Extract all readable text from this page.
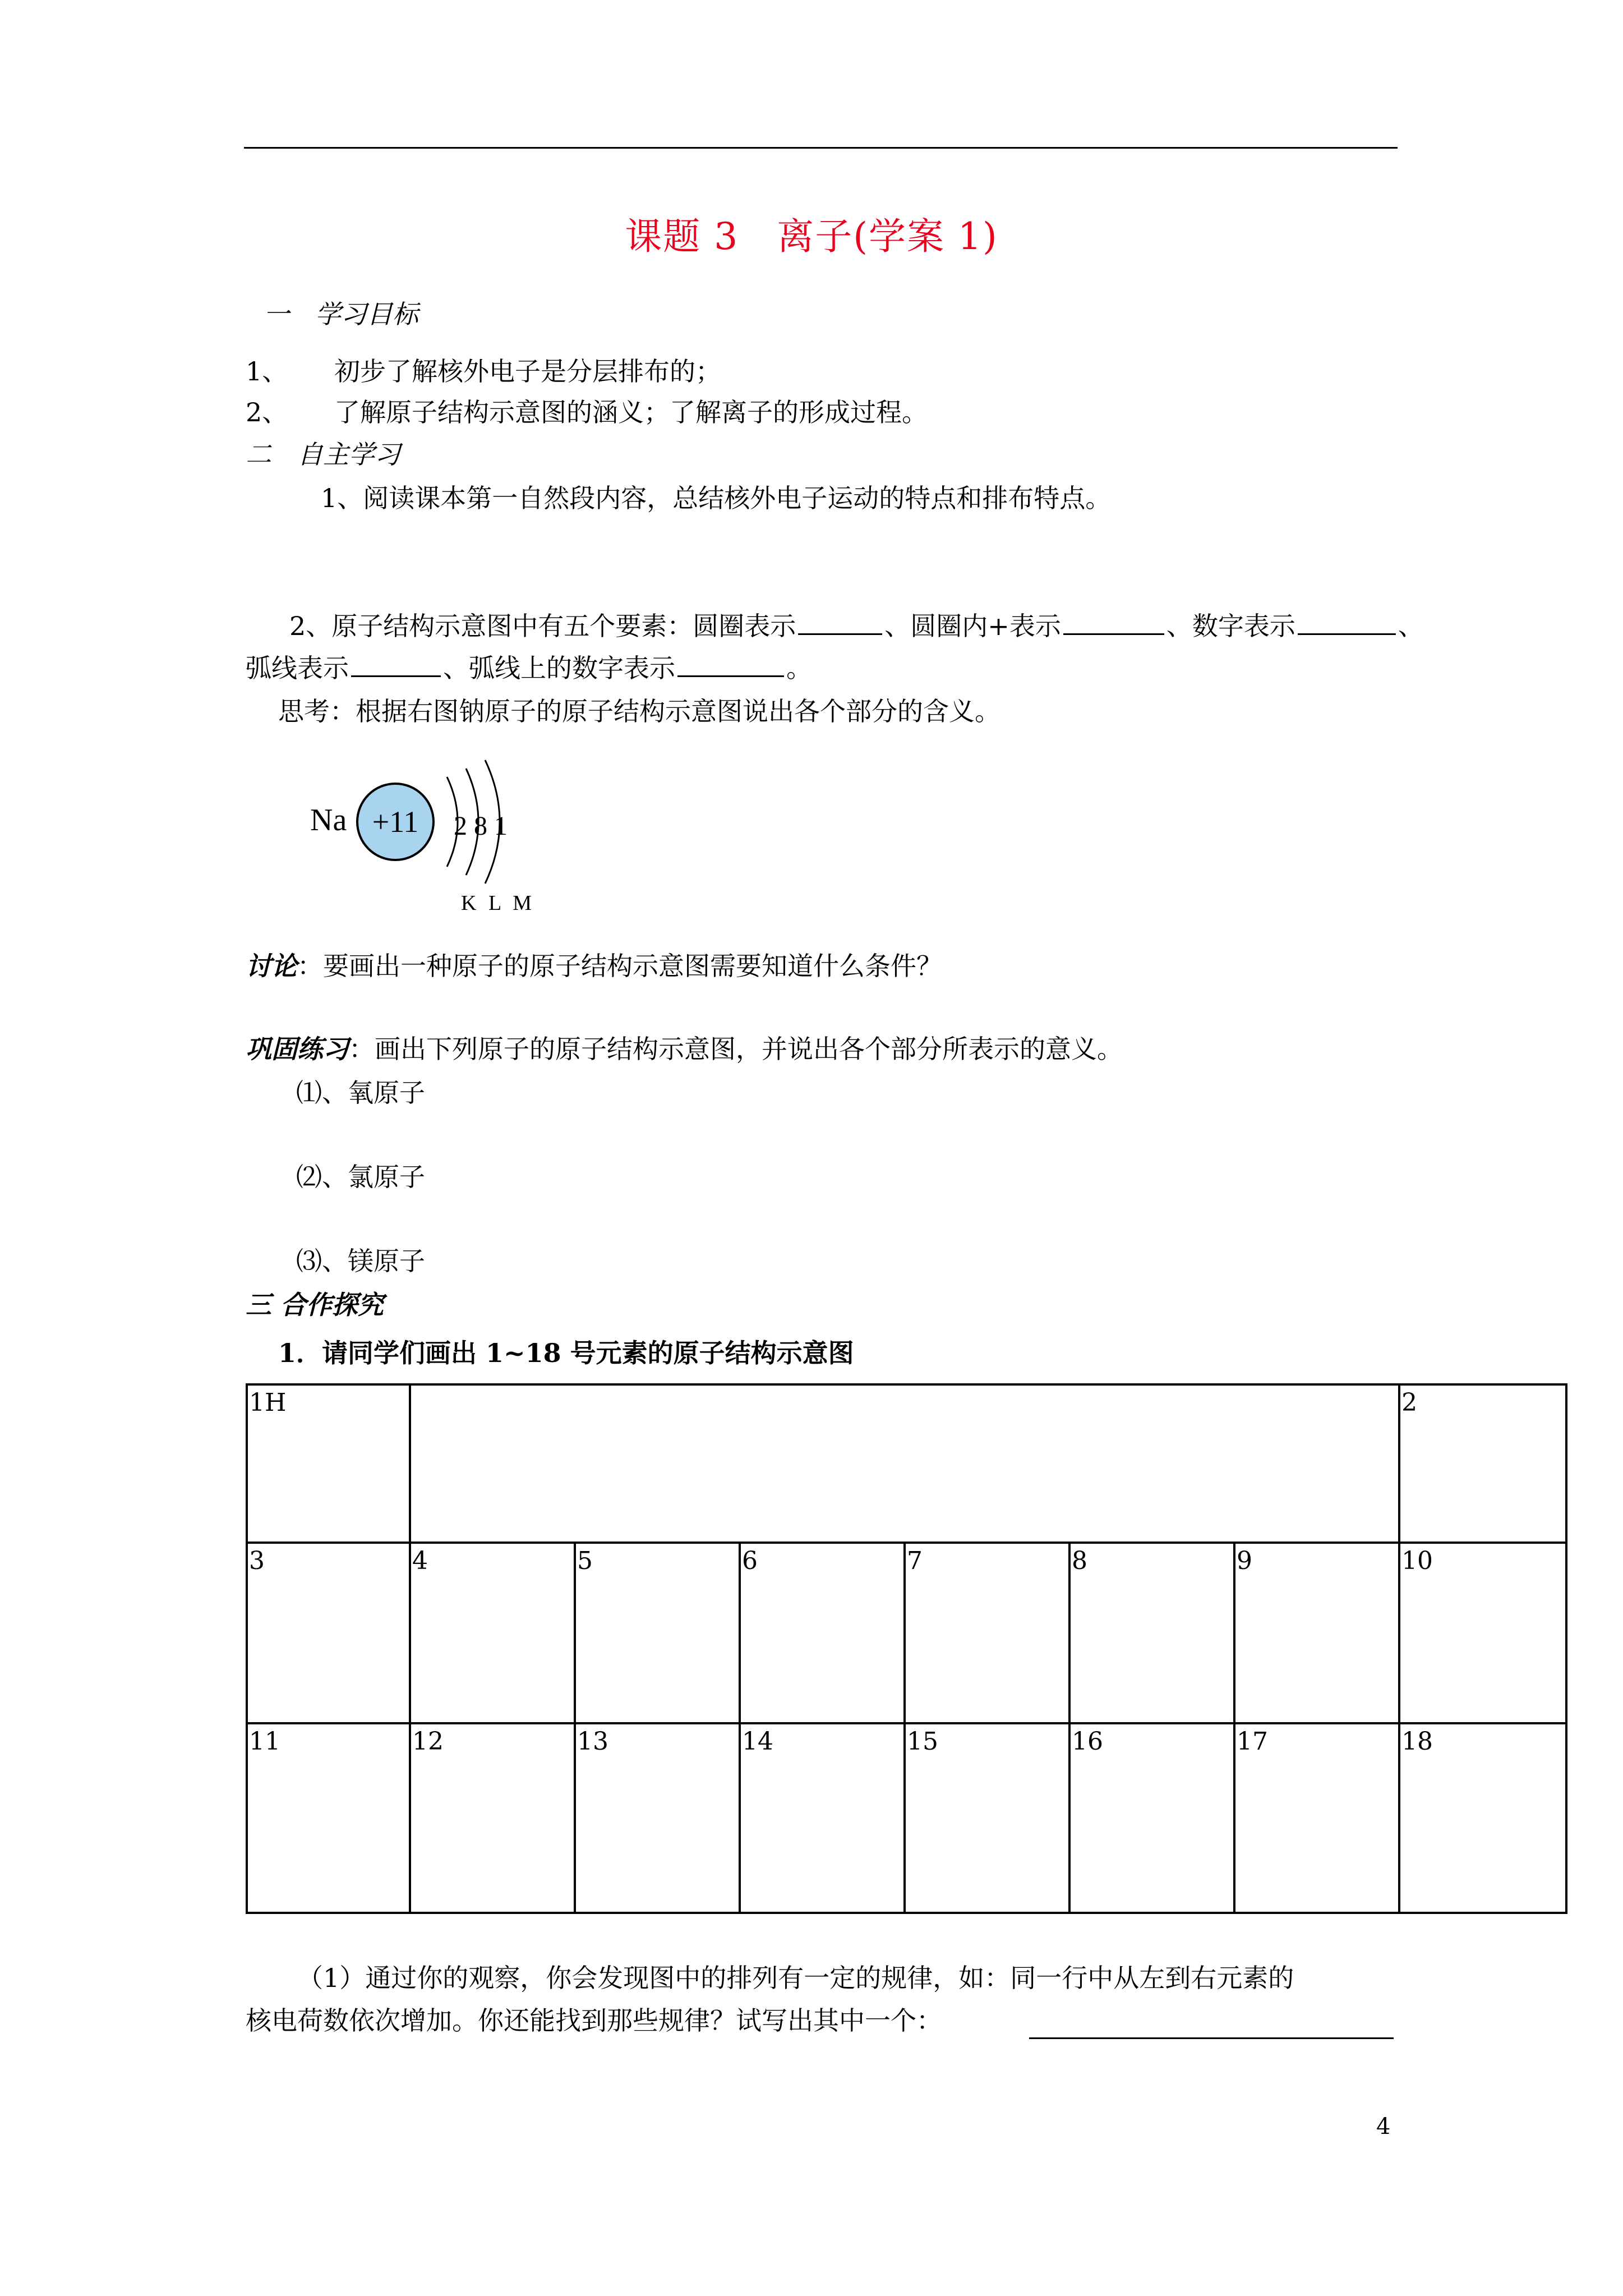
课题 3　离子(学案 1)
一　学习目标
1、 初步了解核外电子是分层排布的；
2、 了解原子结构示意图的涵义；了解离子的形成过程。
二　自主学习
1、阅读课本第一自然段内容，总结核外电子运动的特点和排布特点。
2、原子结构示意图中有五个要素：圆圈表示	、圆圈内+表示	、数字表示	、
弧线表示	、弧线上的数字表示	。
思考：根据右图钠原子的原子结构示意图说出各个部分的含义。
Na +11 2 8 1
K L M
讨论：要画出一种原子的原子结构示意图需要知道什么条件？
巩固练习：画出下列原子的原子结构示意图，并说出各个部分所表示的意义。
⑴、氧原子
⑵、氯原子
⑶、镁原子
三 合作探究
1．请同学们画出 1~18 号元素的原子结构示意图
1H							2
3	4	5	6	7	8	9	10
11	12	13	14	15	16	17	18
（1）通过你的观察，你会发现图中的排列有一定的规律，如：同一行中从左到右元素的
核电荷数依次增加。你还能找到那些规律？试写出其中一个：
4
